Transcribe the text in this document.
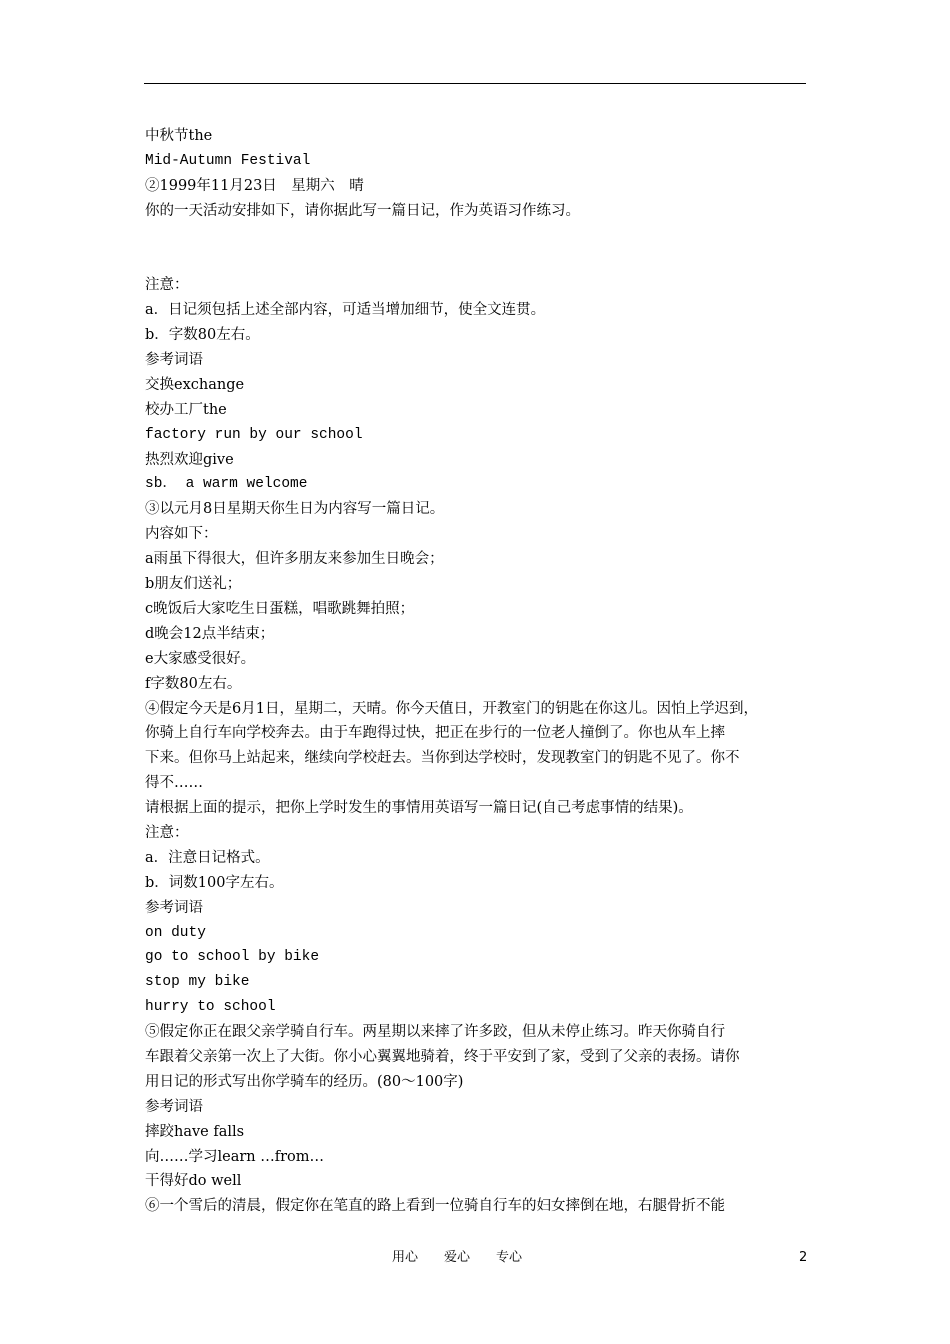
中秋节the
Mid-Autumn Festival
②1999年11月23日　星期六　晴
你的一天活动安排如下，请你据此写一篇日记，作为英语习作练习。
注意：
a．日记须包括上述全部内容，可适当增加细节，使全文连贯。
b．字数80左右。
参考词语
交换exchange
校办工厂the
factory run by our school
热烈欢迎give
sb． a warm welcome
③以元月8日星期天你生日为内容写一篇日记。
内容如下：
a雨虽下得很大，但许多朋友来参加生日晚会；
b朋友们送礼；
c晚饭后大家吃生日蛋糕，唱歌跳舞拍照；
d晚会12点半结束；
e大家感受很好。
f字数80左右。
④假定今天是6月1日，星期二，天晴。你今天值日，开教室门的钥匙在你这儿。因怕上学迟到，
你骑上自行车向学校奔去。由于车跑得过快，把正在步行的一位老人撞倒了。你也从车上摔
下来。但你马上站起来，继续向学校赶去。当你到达学校时，发现教室门的钥匙不见了。你不
得不……
请根据上面的提示，把你上学时发生的事情用英语写一篇日记(自己考虑事情的结果)。
注意：
a．注意日记格式。
b．词数100字左右。
参考词语
on duty
go to school by bike
stop my bike
hurry to school
⑤假定你正在跟父亲学骑自行车。两星期以来摔了许多跤，但从未停止练习。昨天你骑自行
车跟着父亲第一次上了大街。你小心翼翼地骑着，终于平安到了家，受到了父亲的表扬。请你
用日记的形式写出你学骑车的经历。(80～100字)
参考词语
摔跤have falls
向……学习learn …from…
干得好do well
⑥一个雪后的清晨，假定你在笔直的路上看到一位骑自行车的妇女摔倒在地，右腿骨折不能
用心　　爱心　　专心	2
